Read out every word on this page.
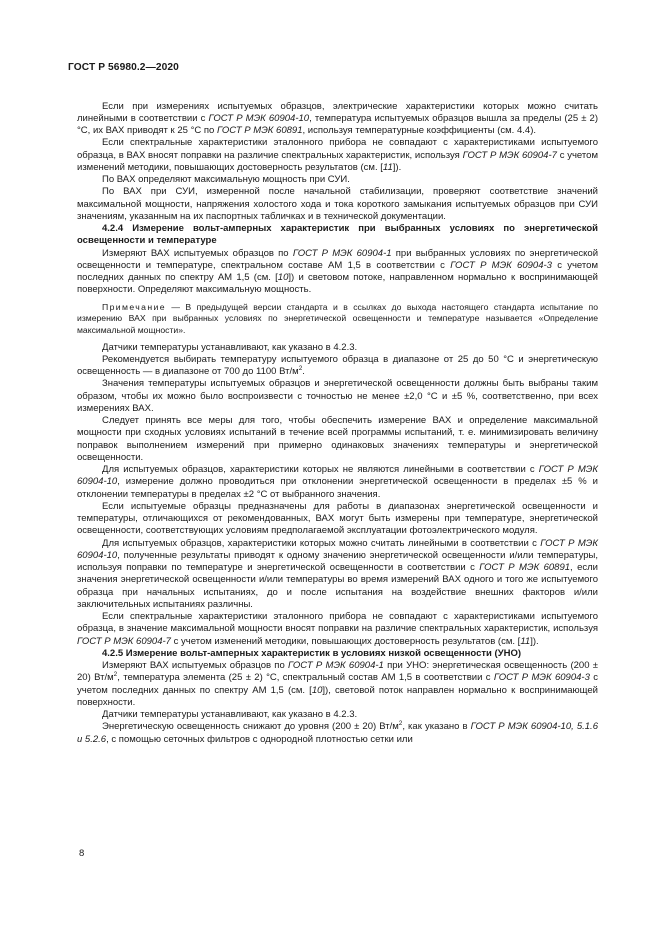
ГОСТ Р 56980.2—2020
Если при измерениях испытуемых образцов, электрические характеристики которых можно считать линейными в соответствии с ГОСТ Р МЭК 60904-10, температура испытуемых образцов вышла за пределы (25 ± 2) °С, их ВАХ приводят к 25 °С по ГОСТ Р МЭК 60891, используя температурные коэффициенты (см. 4.4).
Если спектральные характеристики эталонного прибора не совпадают с характеристиками испытуемого образца, в ВАХ вносят поправки на различие спектральных характеристик, используя ГОСТ Р МЭК 60904-7 с учетом изменений методики, повышающих достоверность результатов (см. [11]).
По ВАХ определяют максимальную мощность при СУИ.
По ВАХ при СУИ, измеренной после начальной стабилизации, проверяют соответствие значений максимальной мощности, напряжения холостого хода и тока короткого замыкания испытуемых образцов при СУИ значениям, указанным на их паспортных табличках и в технической документации.
4.2.4 Измерение вольт-амперных характеристик при выбранных условиях по энергетической освещенности и температуре
Измеряют ВАХ испытуемых образцов по ГОСТ Р МЭК 60904-1 при выбранных условиях по энергетической освещенности и температуре, спектральном составе АМ 1,5 в соответствии с ГОСТ Р МЭК 60904-3 с учетом последних данных по спектру АМ 1,5 (см. [10]) и световом потоке, направленном нормально к воспринимающей поверхности. Определяют максимальную мощность.
Примечание — В предыдущей версии стандарта и в ссылках до выхода настоящего стандарта испытание по измерению ВАХ при выбранных условиях по энергетической освещенности и температуре называется «Определение максимальной мощности».
Датчики температуры устанавливают, как указано в 4.2.3.
Рекомендуется выбирать температуру испытуемого образца в диапазоне от 25 до 50 °С и энергетическую освещенность — в диапазоне от 700 до 1100 $Вт/м^2$.
Значения температуры испытуемых образцов и энергетической освещенности должны быть выбраны таким образом, чтобы их можно было воспроизвести с точностью не менее ±2,0 °С и ±5 %, соответственно, при всех измерениях ВАХ.
Следует принять все меры для того, чтобы обеспечить измерение ВАХ и определение максимальной мощности при сходных условиях испытаний в течение всей программы испытаний, т. е. минимизировать величину поправок выполнением измерений при примерно одинаковых значениях температуры и энергетической освещенности.
Для испытуемых образцов, характеристики которых не являются линейными в соответствии с ГОСТ Р МЭК 60904-10, измерение должно проводиться при отклонении энергетической освещенности в пределах ±5 % и отклонении температуры в пределах ±2 °С от выбранного значения.
Если испытуемые образцы предназначены для работы в диапазонах энергетической освещенности и температуры, отличающихся от рекомендованных, ВАХ могут быть измерены при температуре, энергетической освещенности, соответствующих условиям предполагаемой эксплуатации фотоэлектрического модуля.
Для испытуемых образцов, характеристики которых можно считать линейными в соответствии с ГОСТ Р МЭК 60904-10, полученные результаты приводят к одному значению энергетической освещенности и/или температуры, используя поправки по температуре и энергетической освещенности в соответствии с ГОСТ Р МЭК 60891, если значения энергетической освещенности и/или температуры во время измерений ВАХ одного и того же испытуемого образца при начальных испытаниях, до и после испытания на воздействие внешних факторов и/или заключительных испытаниях различны.
Если спектральные характеристики эталонного прибора не совпадают с характеристиками испытуемого образца, в значение максимальной мощности вносят поправки на различие спектральных характеристик, используя ГОСТ Р МЭК 60904-7 с учетом изменений методики, повышающих достоверность результатов (см. [11]).
4.2.5 Измерение вольт-амперных характеристик в условиях низкой освещенности (УНО)
Измеряют ВАХ испытуемых образцов по ГОСТ Р МЭК 60904-1 при УНО: энергетическая освещенность (200 ± 20) $Вт/м^2$, температура элемента (25 ± 2) °С, спектральный состав АМ 1,5 в соответствии с ГОСТ Р МЭК 60904-3 с учетом последних данных по спектру АМ 1,5 (см. [10]), световой поток направлен нормально к воспринимающей поверхности.
Датчики температуры устанавливают, как указано в 4.2.3.
Энергетическую освещенность снижают до уровня (200 ± 20) $Вт/м^2$, как указано в ГОСТ Р МЭК 60904-10, 5.1.6 и 5.2.6, с помощью сеточных фильтров с однородной плотностью сетки или
8
